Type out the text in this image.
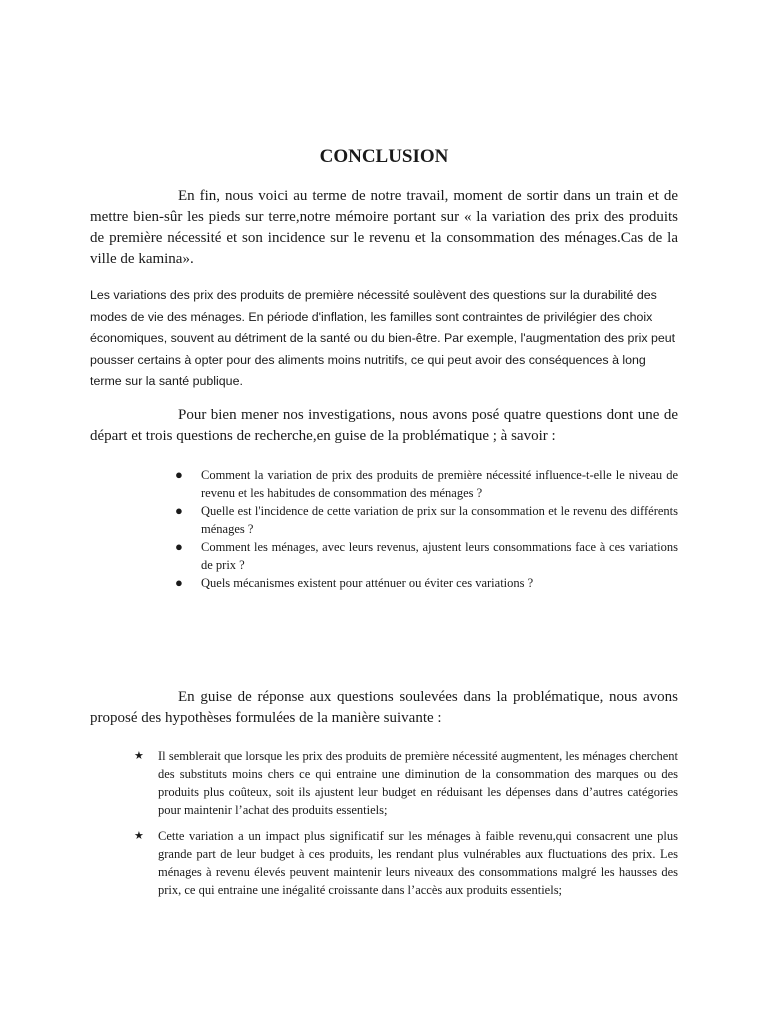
CONCLUSION

En fin, nous voici au terme de notre travail, moment de sortir dans un train et de mettre bien-sûr les pieds sur terre,notre mémoire portant sur « la variation des prix des produits de première nécessité et son incidence sur le revenu et la consommation des ménages.Cas de la ville de kamina».

Les variations des prix des produits de première nécessité soulèvent des questions sur la durabilité des modes de vie des ménages. En période d'inflation, les familles sont contraintes de privilégier des choix économiques, souvent au détriment de la santé ou du bien-être. Par exemple, l'augmentation des prix peut pousser certains à opter pour des aliments moins nutritifs, ce qui peut avoir des conséquences à long terme sur la santé publique.

Pour bien mener nos investigations, nous avons posé quatre questions dont une de départ et trois questions de recherche,en guise de la problématique ; à savoir :

● Comment la variation de prix des produits de première nécessité influence-t-elle le niveau de revenu et les habitudes de consommation des ménages ?
● Quelle est l'incidence de cette variation de prix sur la consommation et le revenu des différents ménages ?
● Comment les ménages, avec leurs revenus, ajustent leurs consommations face à ces variations de prix ?
● Quels mécanismes existent pour atténuer ou éviter ces variations ?

En guise de réponse aux questions soulevées dans la problématique, nous avons proposé des hypothèses formulées de la manière suivante :

★ Il semblerait que lorsque les prix des produits de première nécessité augmentent, les ménages cherchent des substituts moins chers ce qui entraine une diminution de la consommation des marques ou des produits plus coûteux, soit ils ajustent leur budget en réduisant les dépenses dans d’autres catégories pour maintenir l’achat des produits essentiels;
★ Cette variation a un impact plus significatif sur les ménages à faible revenu,qui consacrent une plus grande part de leur budget à ces produits, les rendant plus vulnérables aux fluctuations des prix. Les ménages à revenu élevés peuvent maintenir leurs niveaux des consommations malgré les hausses des prix, ce qui entraine une inégalité croissante dans l’accès aux produits essentiels;
